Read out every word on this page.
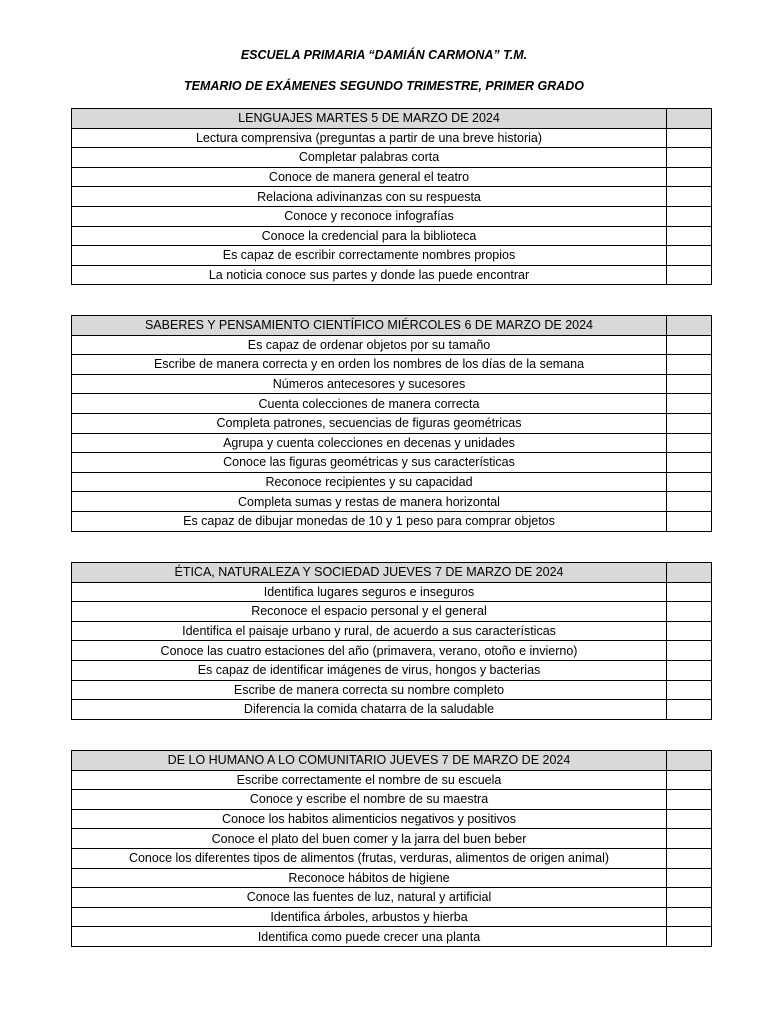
ESCUELA PRIMARIA “DAMIÁN CARMONA” T.M.
TEMARIO DE EXÁMENES SEGUNDO TRIMESTRE, PRIMER GRADO
LENGUAJES MARTES 5 DE MARZO DE 2024	
Lectura comprensiva (preguntas a partir de una breve historia)	
Completar palabras corta	
Conoce de manera general el teatro	
Relaciona adivinanzas con su respuesta	
Conoce y reconoce infografías	
Conoce la credencial para la biblioteca	
Es capaz de escribir correctamente nombres propios	
La noticia conoce sus partes y donde las puede encontrar	
SABERES Y PENSAMIENTO CIENTÍFICO MIÉRCOLES 6 DE MARZO DE 2024	
Es capaz de ordenar objetos por su tamaño	
Escribe de manera correcta y en orden los nombres de los días de la semana	
Números antecesores y sucesores	
Cuenta colecciones de manera correcta	
Completa patrones, secuencias de figuras geométricas	
Agrupa y cuenta colecciones en decenas y unidades	
Conoce las figuras geométricas y sus características	
Reconoce recipientes y su capacidad	
Completa sumas y restas de manera horizontal	
Es capaz de dibujar monedas de 10 y 1 peso para comprar objetos	
ÉTICA, NATURALEZA Y SOCIEDAD JUEVES 7 DE MARZO DE 2024	
Identifica lugares seguros e inseguros	
Reconoce el espacio personal y el general	
Identifica el paisaje urbano y rural, de acuerdo a sus características	
Conoce las cuatro estaciones del año (primavera, verano, otoño e invierno)	
Es capaz de identificar imágenes de virus, hongos y bacterias	
Escribe de manera correcta su nombre completo	
Diferencia la comida chatarra de la saludable	
DE LO HUMANO A LO COMUNITARIO JUEVES 7 DE MARZO DE 2024	
Escribe correctamente el nombre de su escuela	
Conoce y escribe el nombre de su maestra	
Conoce los habitos alimenticios negativos y positivos	
Conoce el plato del buen comer y la jarra del buen beber	
Conoce los diferentes tipos de alimentos (frutas, verduras, alimentos de origen animal)	
Reconoce hábitos de higiene	
Conoce las fuentes de luz, natural y artificial	
Identifica árboles, arbustos y hierba	
Identifica como puede crecer una planta	
